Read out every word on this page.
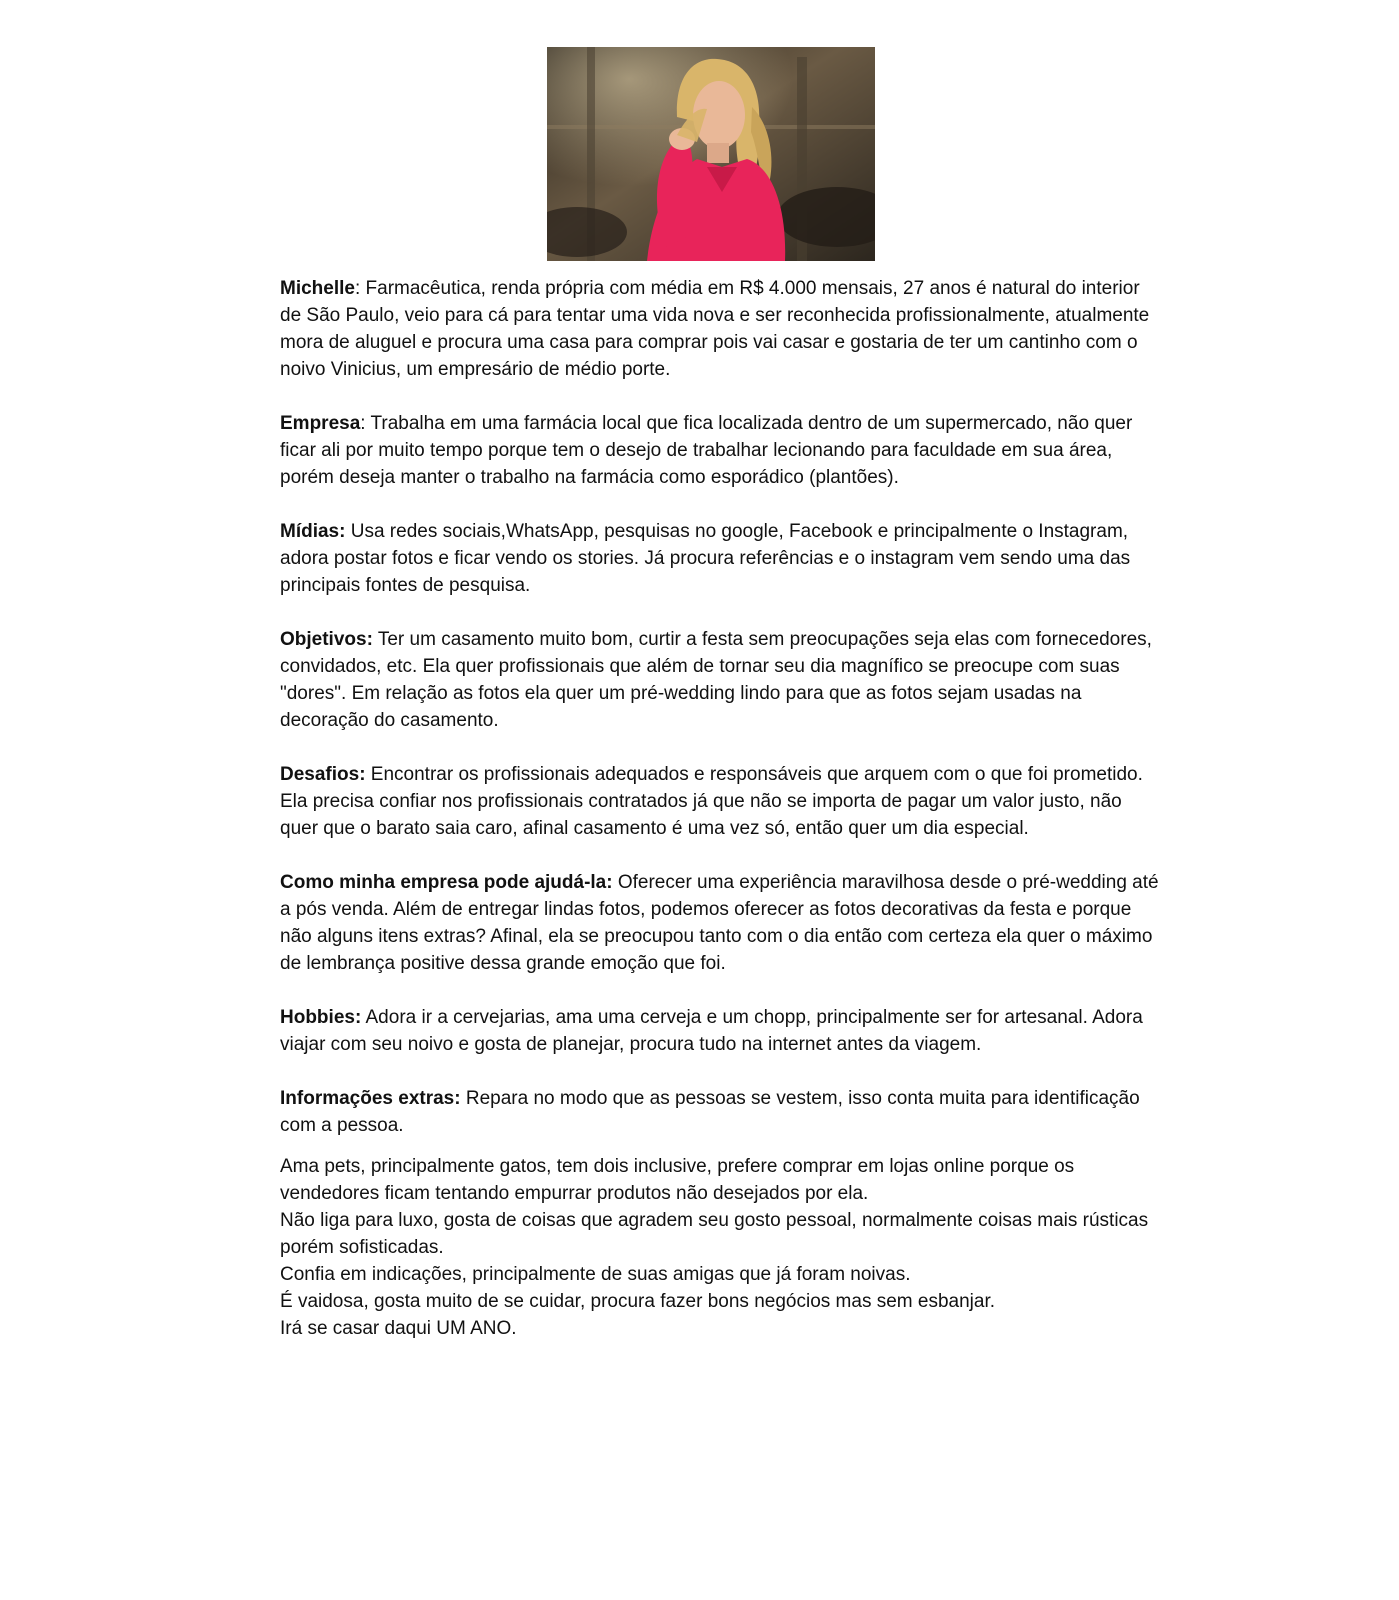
Michelle: Farmacêutica, renda própria com média em R$ 4.000 mensais, 27 anos é natural do interior de São Paulo, veio para cá para tentar uma vida nova e ser reconhecida profissionalmente, atualmente mora de aluguel e procura uma casa para comprar pois vai casar e gostaria de ter um cantinho com o noivo Vinicius, um empresário de médio porte.

Empresa: Trabalha em uma farmácia local que fica localizada dentro de um supermercado, não quer ficar ali por muito tempo porque tem o desejo de trabalhar lecionando para faculdade em sua área, porém deseja manter o trabalho na farmácia como esporádico (plantões).

Mídias: Usa redes sociais,WhatsApp, pesquisas no google, Facebook e principalmente o Instagram, adora postar fotos e ficar vendo os stories. Já procura referências e o instagram vem sendo uma das principais fontes de pesquisa.

Objetivos: Ter um casamento muito bom, curtir a festa sem preocupações seja elas com fornecedores, convidados, etc. Ela quer profissionais que além de tornar seu dia magnífico se preocupe com suas "dores". Em relação as fotos ela quer um pré-wedding lindo para que as fotos sejam usadas na decoração do casamento.

Desafios: Encontrar os profissionais adequados e responsáveis que arquem com o que foi prometido. Ela precisa confiar nos profissionais contratados já que não se importa de pagar um valor justo, não quer que o barato saia caro, afinal casamento é uma vez só, então quer um dia especial.

Como minha empresa pode ajudá-la: Oferecer uma experiência maravilhosa desde o pré-wedding até a pós venda. Além de entregar lindas fotos, podemos oferecer as fotos decorativas da festa e porque não alguns itens extras? Afinal, ela se preocupou tanto com o dia então com certeza ela quer o máximo de lembrança positive dessa grande emoção que foi.

Hobbies: Adora ir a cervejarias, ama uma cerveja e um chopp, principalmente ser for artesanal. Adora viajar com seu noivo e gosta de planejar, procura tudo na internet antes da viagem.

Informações extras: Repara no modo que as pessoas se vestem, isso conta muita para identificação com a pessoa.

Ama pets, principalmente gatos, tem dois inclusive, prefere comprar em lojas online porque os vendedores ficam tentando empurrar produtos não desejados por ela.
Não liga para luxo, gosta de coisas que agradem seu gosto pessoal, normalmente coisas mais rústicas porém sofisticadas.
Confia em indicações, principalmente de suas amigas que já foram noivas.
É vaidosa, gosta muito de se cuidar, procura fazer bons negócios mas sem esbanjar.
Irá se casar daqui UM ANO.
